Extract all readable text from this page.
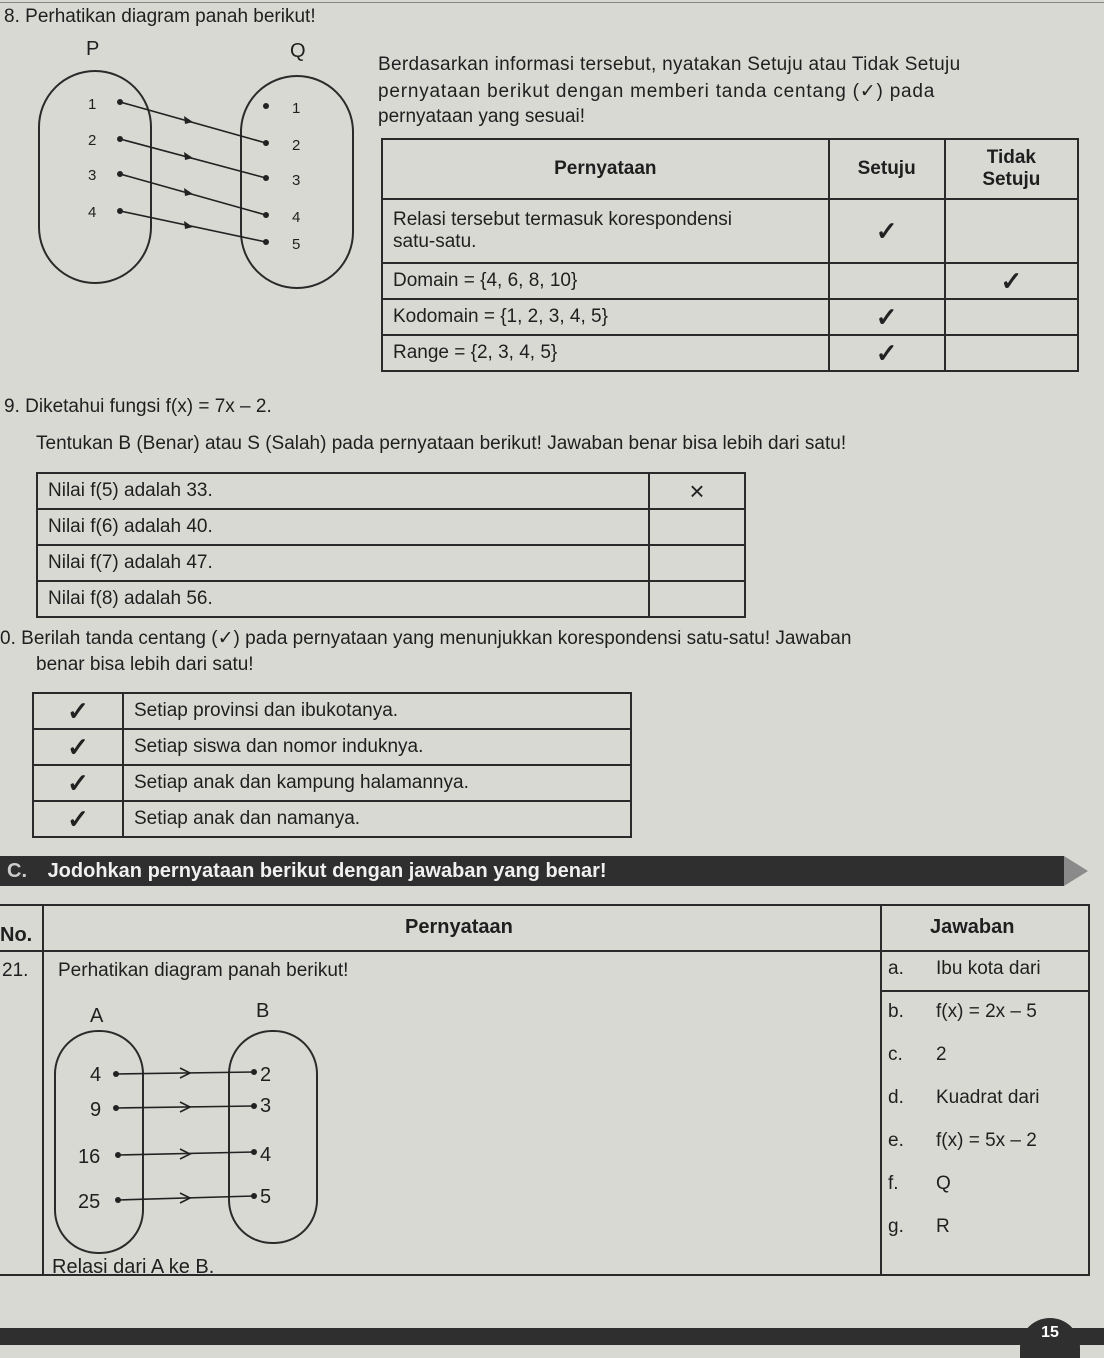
8. Perhatikan diagram panah berikut!
P	Q
1
2
3
4
1
2
3
4
5
Berdasarkan informasi tersebut, nyatakan Setuju atau Tidak Setuju
pernyataan berikut dengan memberi tanda centang (✓) pada
pernyataan yang sesuai!
Pernyataan	Setuju	Tidak
Setuju
Relasi tersebut termasuk korespondensi
satu-satu.	✓	
Domain = {4, 6, 8, 10}		✓
Kodomain = {1, 2, 3, 4, 5}	✓	
Range = {2, 3, 4, 5}	✓	
9. Diketahui fungsi f(x) = 7x – 2.
Tentukan B (Benar) atau S (Salah) pada pernyataan berikut! Jawaban benar bisa lebih dari satu!
Nilai f(5) adalah 33.	×
Nilai f(6) adalah 40.	
Nilai f(7) adalah 47.	
Nilai f(8) adalah 56.	
0. Berilah tanda centang (✓) pada pernyataan yang menunjukkan korespondensi satu-satu! Jawaban
benar bisa lebih dari satu!
✓	Setiap provinsi dan ibukotanya.
✓	Setiap siswa dan nomor induknya.
✓	Setiap anak dan kampung halamannya.
✓	Setiap anak dan namanya.
C. Jodohkan pernyataan berikut dengan jawaban yang benar!
No.	Pernyataan	Jawaban
21. Perhatikan diagram panah berikut!
A	B
4
9
16
25
2
3
4
5
Relasi dari A ke B.
a. Ibu kota dari
b. f(x) = 2x – 5
c. 2
d. Kuadrat dari
e. f(x) = 5x – 2
f. Q
g. R
15
